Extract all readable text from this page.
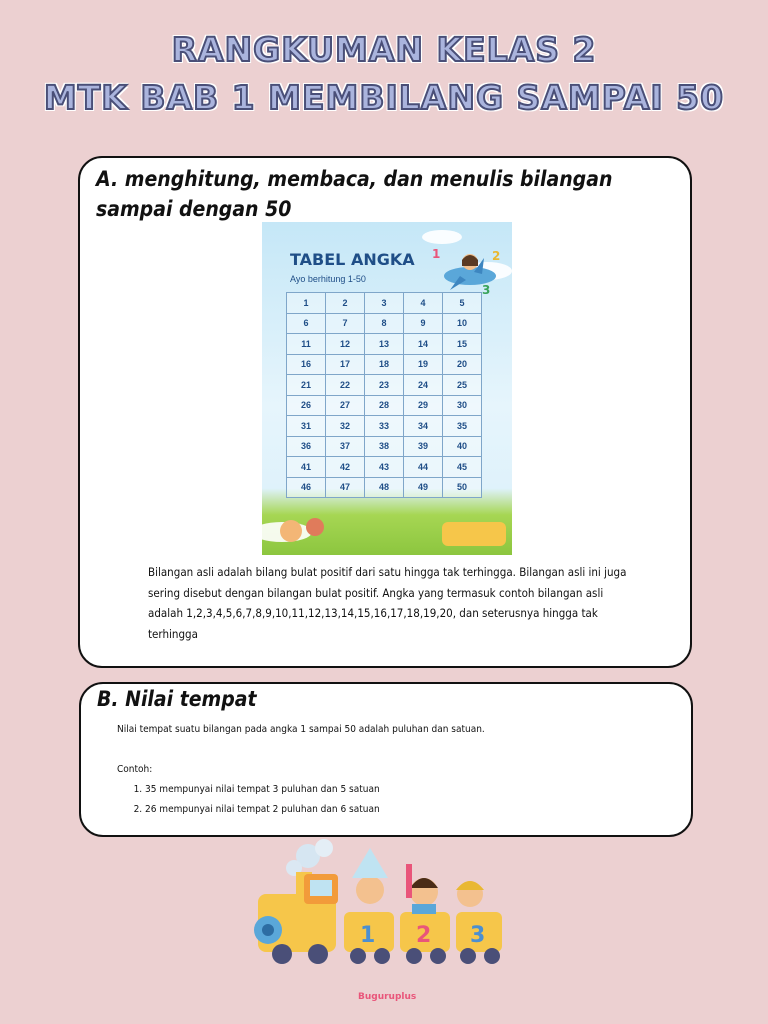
RANGKUMAN KELAS 2
MTK BAB 1 MEMBILANG SAMPAI 50
A. menghitung, membaca, dan menulis bilangan sampai dengan 50
2
1
3
TABEL ANGKA
Ayo berhitung 1-50
1	2	3	4	5
6	7	8	9	10
11	12	13	14	15
16	17	18	19	20
21	22	23	24	25
26	27	28	29	30
31	32	33	34	35
36	37	38	39	40
41	42	43	44	45
46	47	48	49	50

Bilangan asli adalah bilang bulat positif dari satu hingga tak terhingga. Bilangan asli ini juga sering disebut dengan bilangan bulat positif. Angka yang termasuk contoh bilangan asli adalah 1,2,3,4,5,6,7,8,9,10,11,12,13,14,15,16,17,18,19,20, dan seterusnya hingga tak terhingga

B. Nilai tempat
Nilai tempat suatu bilangan pada angka 1 sampai 50 adalah puluhan dan satuan.
Contoh:
1. 35 mempunyai nilai tempat 3 puluhan dan 5 satuan
2. 26 mempunyai nilai tempat 2 puluhan dan 6 satuan
1 2 3
Buguruplus
